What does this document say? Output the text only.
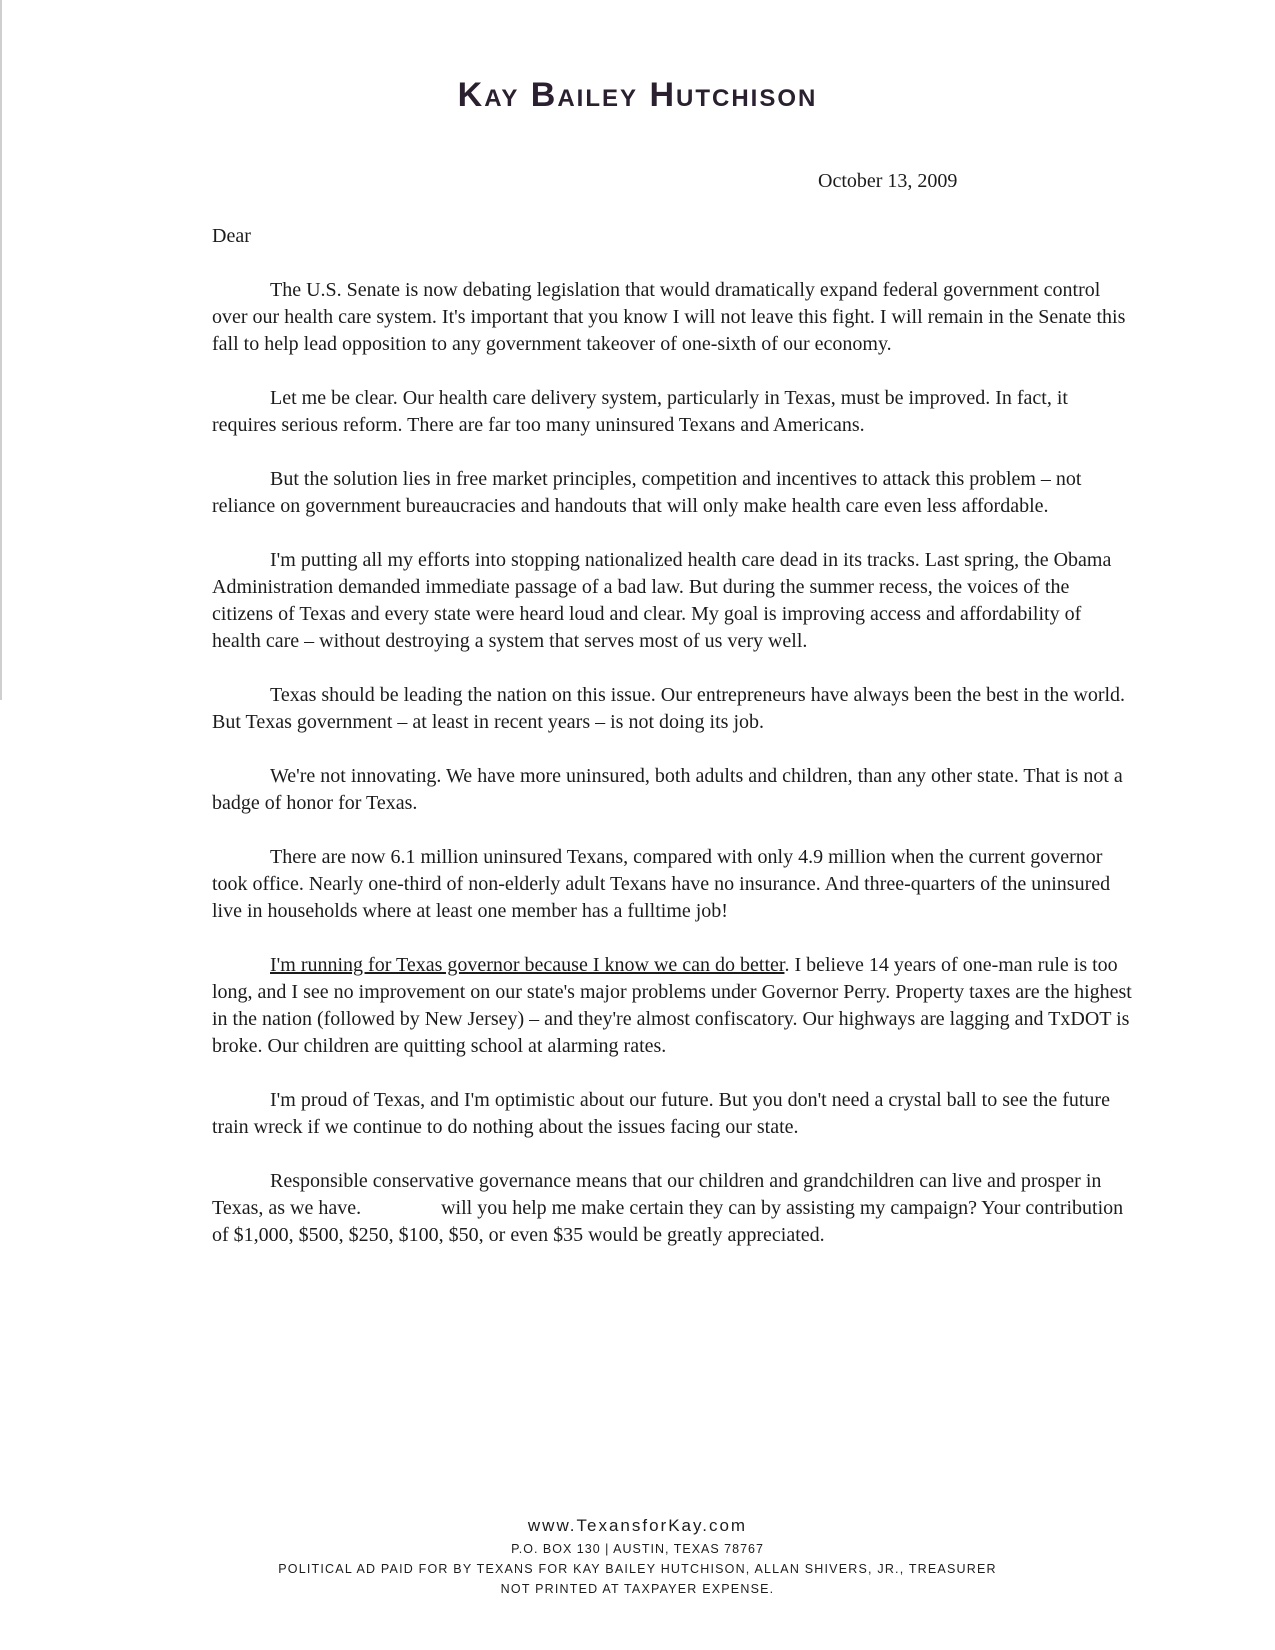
Kay Bailey Hutchison

October 13, 2009

Dear

The U.S. Senate is now debating legislation that would dramatically expand federal government control over our health care system. It's important that you know I will not leave this fight. I will remain in the Senate this fall to help lead opposition to any government takeover of one-sixth of our economy.

Let me be clear. Our health care delivery system, particularly in Texas, must be improved. In fact, it requires serious reform. There are far too many uninsured Texans and Americans.

But the solution lies in free market principles, competition and incentives to attack this problem – not reliance on government bureaucracies and handouts that will only make health care even less affordable.

I'm putting all my efforts into stopping nationalized health care dead in its tracks. Last spring, the Obama Administration demanded immediate passage of a bad law. But during the summer recess, the voices of the citizens of Texas and every state were heard loud and clear. My goal is improving access and affordability of health care – without destroying a system that serves most of us very well.

Texas should be leading the nation on this issue. Our entrepreneurs have always been the best in the world. But Texas government – at least in recent years – is not doing its job.

We're not innovating. We have more uninsured, both adults and children, than any other state. That is not a badge of honor for Texas.

There are now 6.1 million uninsured Texans, compared with only 4.9 million when the current governor took office. Nearly one-third of non-elderly adult Texans have no insurance. And three-quarters of the uninsured live in households where at least one member has a fulltime job!

I'm running for Texas governor because I know we can do better. I believe 14 years of one-man rule is too long, and I see no improvement on our state's major problems under Governor Perry. Property taxes are the highest in the nation (followed by New Jersey) – and they're almost confiscatory. Our highways are lagging and TxDOT is broke. Our children are quitting school at alarming rates.

I'm proud of Texas, and I'm optimistic about our future. But you don't need a crystal ball to see the future train wreck if we continue to do nothing about the issues facing our state.

Responsible conservative governance means that our children and grandchildren can live and prosper in Texas, as we have.	will you help me make certain they can by assisting my campaign? Your contribution of $1,000, $500, $250, $100, $50, or even $35 would be greatly appreciated.

www.TexansforKay.com

P.O. BOX 130 | AUSTIN, TEXAS 78767

POLITICAL AD PAID FOR BY TEXANS FOR KAY BAILEY HUTCHISON, ALLAN SHIVERS, JR., TREASURER

NOT PRINTED AT TAXPAYER EXPENSE.
